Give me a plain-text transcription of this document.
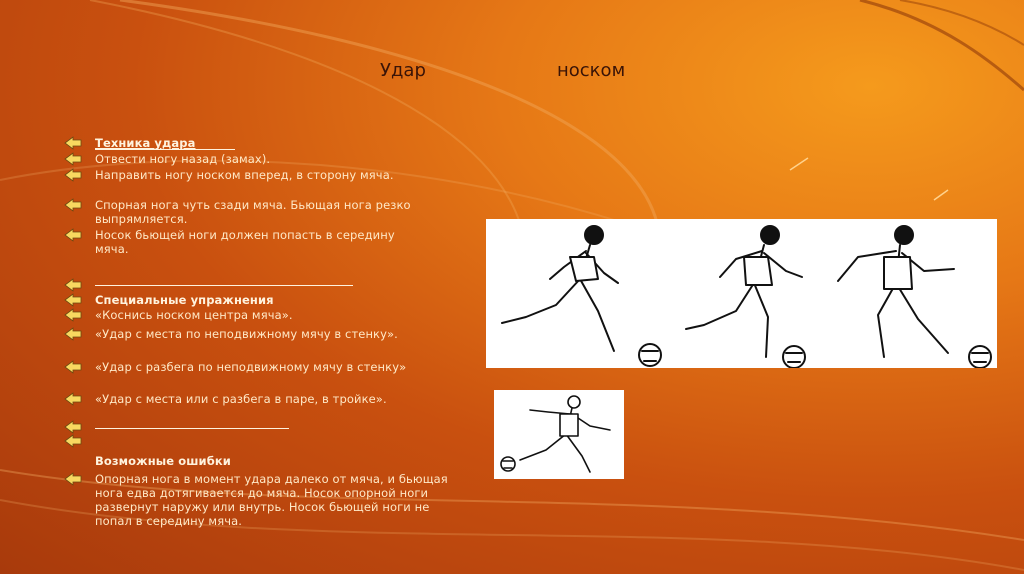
Удар	носком
Техника удара
Отвести ногу назад (замах).
Направить ногу носком вперед, в сторону мяча.
Спорная нога чуть сзади мяча. Бьющая нога резко выпрямляется.
Носок бьющей ноги должен попасть в середину мяча.
Специальные упражнения
«Коснись носком центра мяча».
«Удар с места по неподвижному мячу в стенку».
«Удар с разбега по неподвижному мячу в стенку»
«Удар с места или с разбега в паре, в тройке».
Возможные ошибки
Опорная нога в момент удара далеко от мяча, и бьющая нога едва дотягивается до мяча. Носок опорной ноги развернут наружу или внутрь. Носок бьющей ноги не попал в середину мяча.
